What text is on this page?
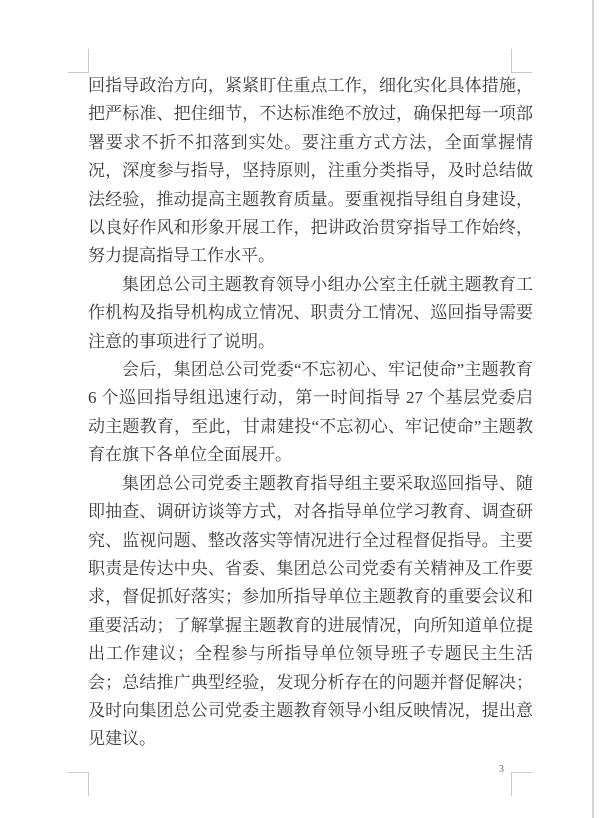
回指导政治方向，紧紧盯住重点工作，细化实化具体措施，把严标准、把住细节，不达标准绝不放过，确保把每一项部署要求不折不扣落到实处。要注重方式方法，全面掌握情况，深度参与指导，坚持原则，注重分类指导，及时总结做法经验，推动提高主题教育质量。要重视指导组自身建设，以良好作风和形象开展工作，把讲政治贯穿指导工作始终，努力提高指导工作水平。

集团总公司主题教育领导小组办公室主任就主题教育工作机构及指导机构成立情况、职责分工情况、巡回指导需要注意的事项进行了说明。

会后，集团总公司党委“不忘初心、牢记使命”主题教育 6 个巡回指导组迅速行动，第一时间指导 27 个基层党委启动主题教育，至此，甘肃建投“不忘初心、牢记使命”主题教育在旗下各单位全面展开。

集团总公司党委主题教育指导组主要采取巡回指导、随即抽查、调研访谈等方式，对各指导单位学习教育、调查研究、监视问题、整改落实等情况进行全过程督促指导。主要职责是传达中央、省委、集团总公司党委有关精神及工作要求，督促抓好落实；参加所指导单位主题教育的重要会议和重要活动；了解掌握主题教育的进展情况，向所知道单位提出工作建议；全程参与所指导单位领导班子专题民主生活会；总结推广典型经验，发现分析存在的问题并督促解决；及时向集团总公司党委主题教育领导小组反映情况，提出意见建议。

3
